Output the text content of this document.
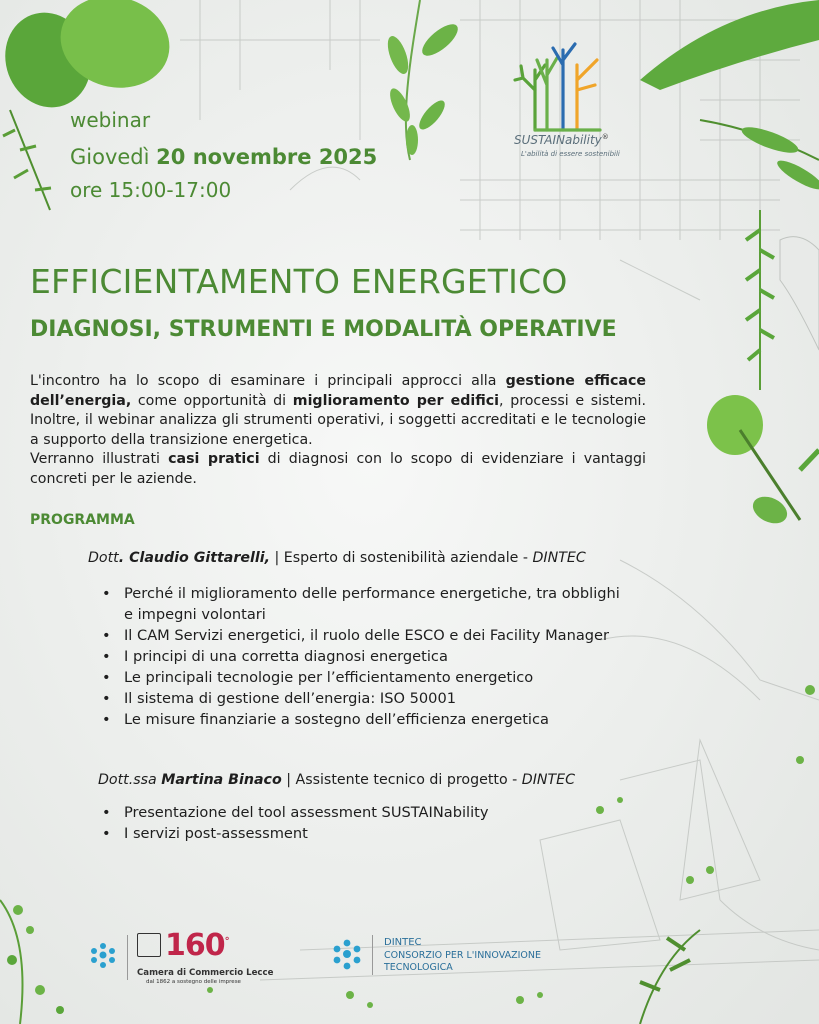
SUSTAINability®
L'abilità di essere sostenibili
webinar
Giovedì 20 novembre 2025
ore 15:00-17:00
EFFICIENTAMENTO ENERGETICO
DIAGNOSI, STRUMENTI E MODALITÀ OPERATIVE
L'incontro ha lo scopo di esaminare i principali approcci alla gestione efficace dell’energia, come opportunità di miglioramento per edifici, processi e sistemi. Inoltre, il webinar analizza gli strumenti operativi, i soggetti accreditati e le tecnologie a supporto della transizione energetica.
Verranno illustrati casi pratici di diagnosi con lo scopo di evidenziare i vantaggi concreti per le aziende.
PROGRAMMA
Dott. Claudio Gittarelli, | Esperto di sostenibilità aziendale - DINTEC
• Perché il miglioramento delle performance energetiche, tra obblighi e impegni volontari
• Il CAM Servizi energetici, il ruolo delle ESCO e dei Facility Manager
• I principi di una corretta diagnosi energetica
• Le principali tecnologie per l’efficientamento energetico
• Il sistema di gestione dell’energia: ISO 50001
• Le misure finanziarie a sostegno dell’efficienza energetica
Dott.ssa Martina Binaco | Assistente tecnico di progetto - DINTEC
• Presentazione del tool assessment SUSTAINability
• I servizi post-assessment
160°
Camera di Commercio Lecce
dal 1862 a sostegno delle imprese
DINTEC
CONSORZIO PER L'INNOVAZIONE
TECNOLOGICA
